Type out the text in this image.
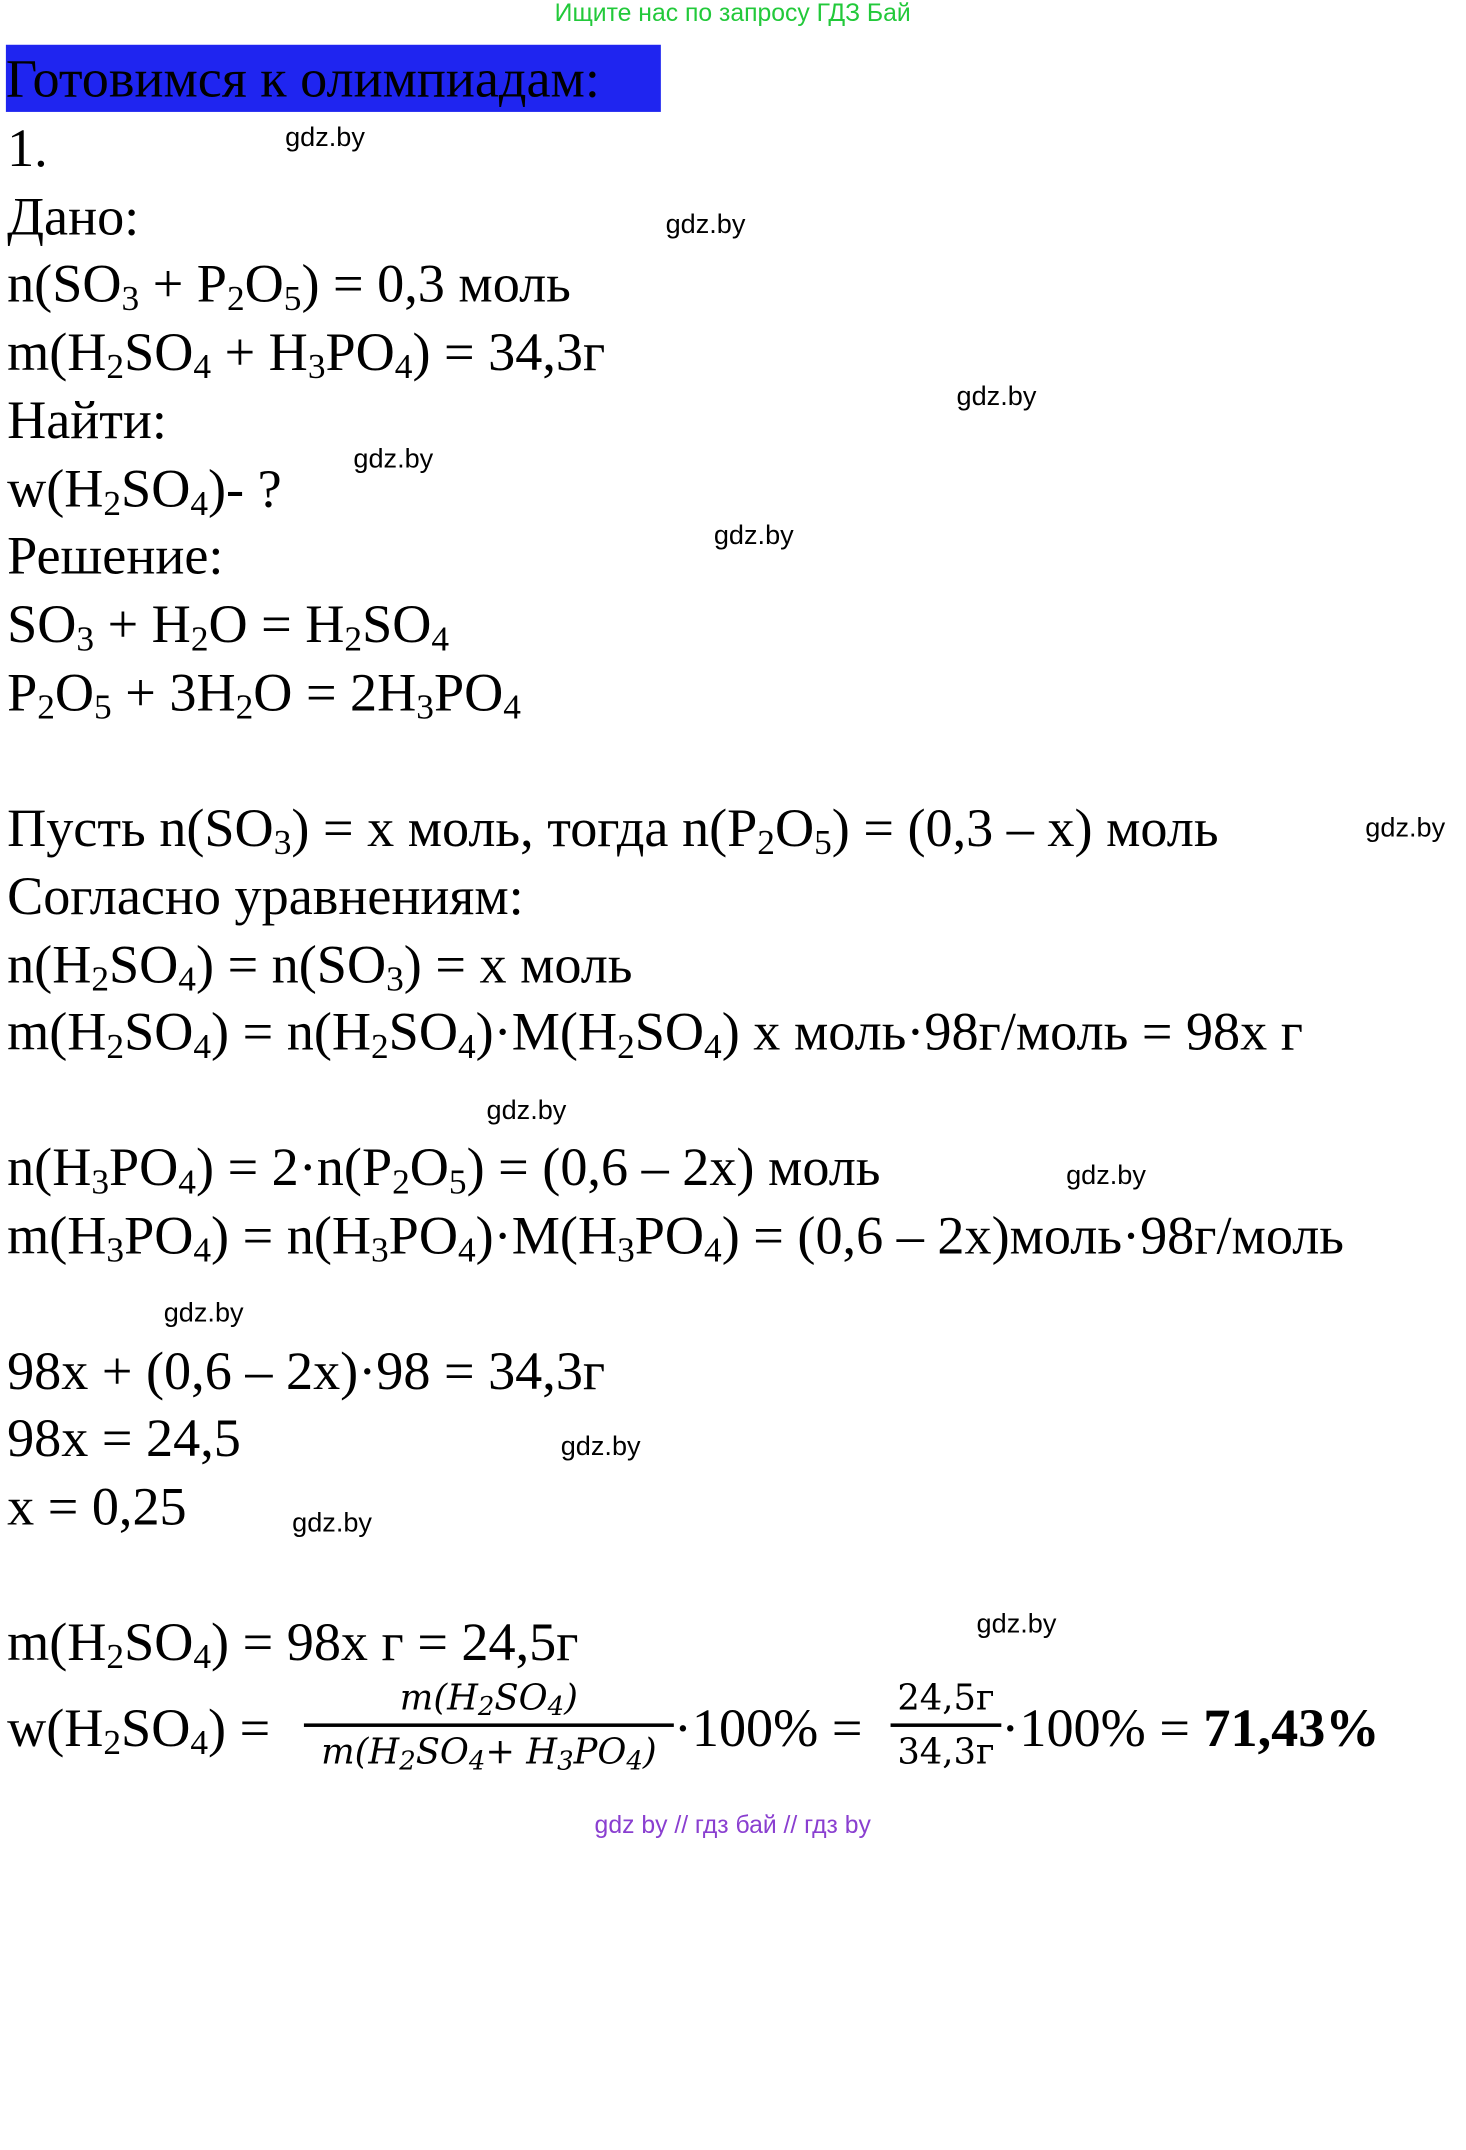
Ищите нас по запросу ГДЗ Бай
Готовимся к олимпиадам:
1.
Дано:
$n(SO_3 + P_2O_5) = 0,3$ моль
$m(H_2SO_4 + H_3PO_4) = 34,3г$
Найти:
$w(H_2SO_4)-$ ?
Решение:
$SO_3 + H_2O = H_2SO_4$
$P_2O_5 + 3H_2O = 2H_3PO_4$
Пусть $n(SO_3) = x$ моль, тогда $n(P_2O_5) = (0,3 - x)$ моль
Согласно уравнениям:
$n(H_2SO_4) = n(SO_3) = x$ моль
$m(H_2SO_4) = n(H_2SO_4)\cdot M(H_2SO_4)$ x моль·98г/моль = 98x г
$n(H_3PO_4) = 2\cdot n(P_2O_5) = (0,6 - 2x)$ моль
$m(H_3PO_4) = n(H_3PO_4)\cdot M(H_3PO_4) = (0,6$ – 2x)моль·98г/моль
98x + (0,6 – 2x)·98 = 34,3г
98x = 24,5
x = 0,25
$m(H_2SO_4) = 98x$ г = 24,5г
$w(H_2SO_4)$ =	$m(H_2SO_4)$
$m(H_2SO_4+ H_3PO_4) \cdot 100\% = 24,5г$
34,3г ·100% = 71,43%
gdz.by
gdz.by
gdz.by
gdz.by
gdz.by
gdz.by
gdz.by
gdz.by
gdz.by
gdz.by
gdz.by
gdz.by
gdz by // гдз бай // гдз by
